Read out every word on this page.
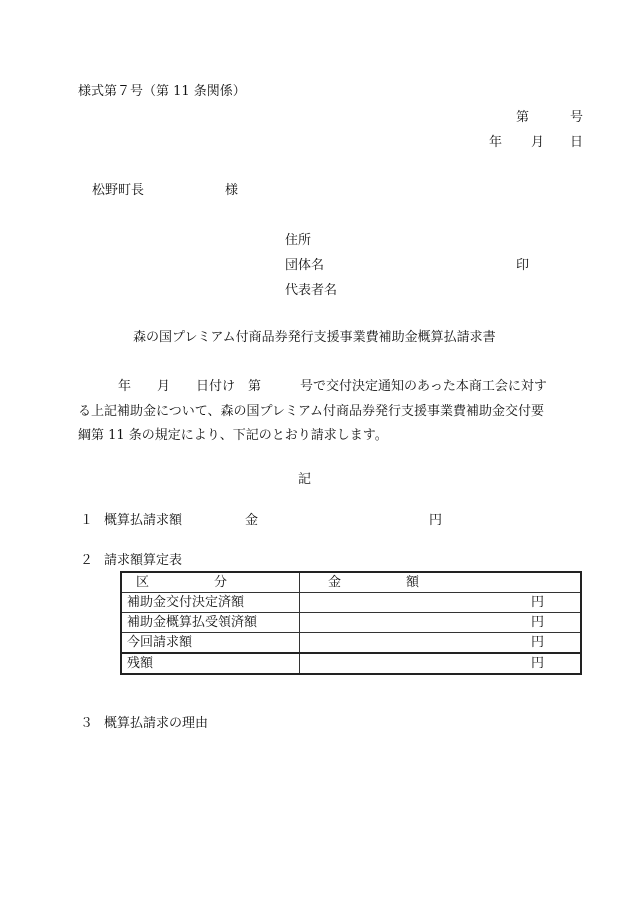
様式第７号（第 11 条関係）
第	号
年 月 日
松野町長	様
住所
団体名	印
代表者名
森の国プレミアム付商品券発行支援事業費補助金概算払請求書
年　　月　　日付け　第　　　号で交付決定通知のあった本商工会に対す
る上記補助金について、森の国プレミアム付商品券発行支援事業費補助金交付要
綱第 11 条の規定により、下記のとおり請求します。
記
１ 概算払請求額	金	円
２ 請求額算定表
区　　　　　分	金　　　　　額
補助金交付決定済額	円
補助金概算払受領済額	円
今回請求額	円
残額	円
３ 概算払請求の理由
